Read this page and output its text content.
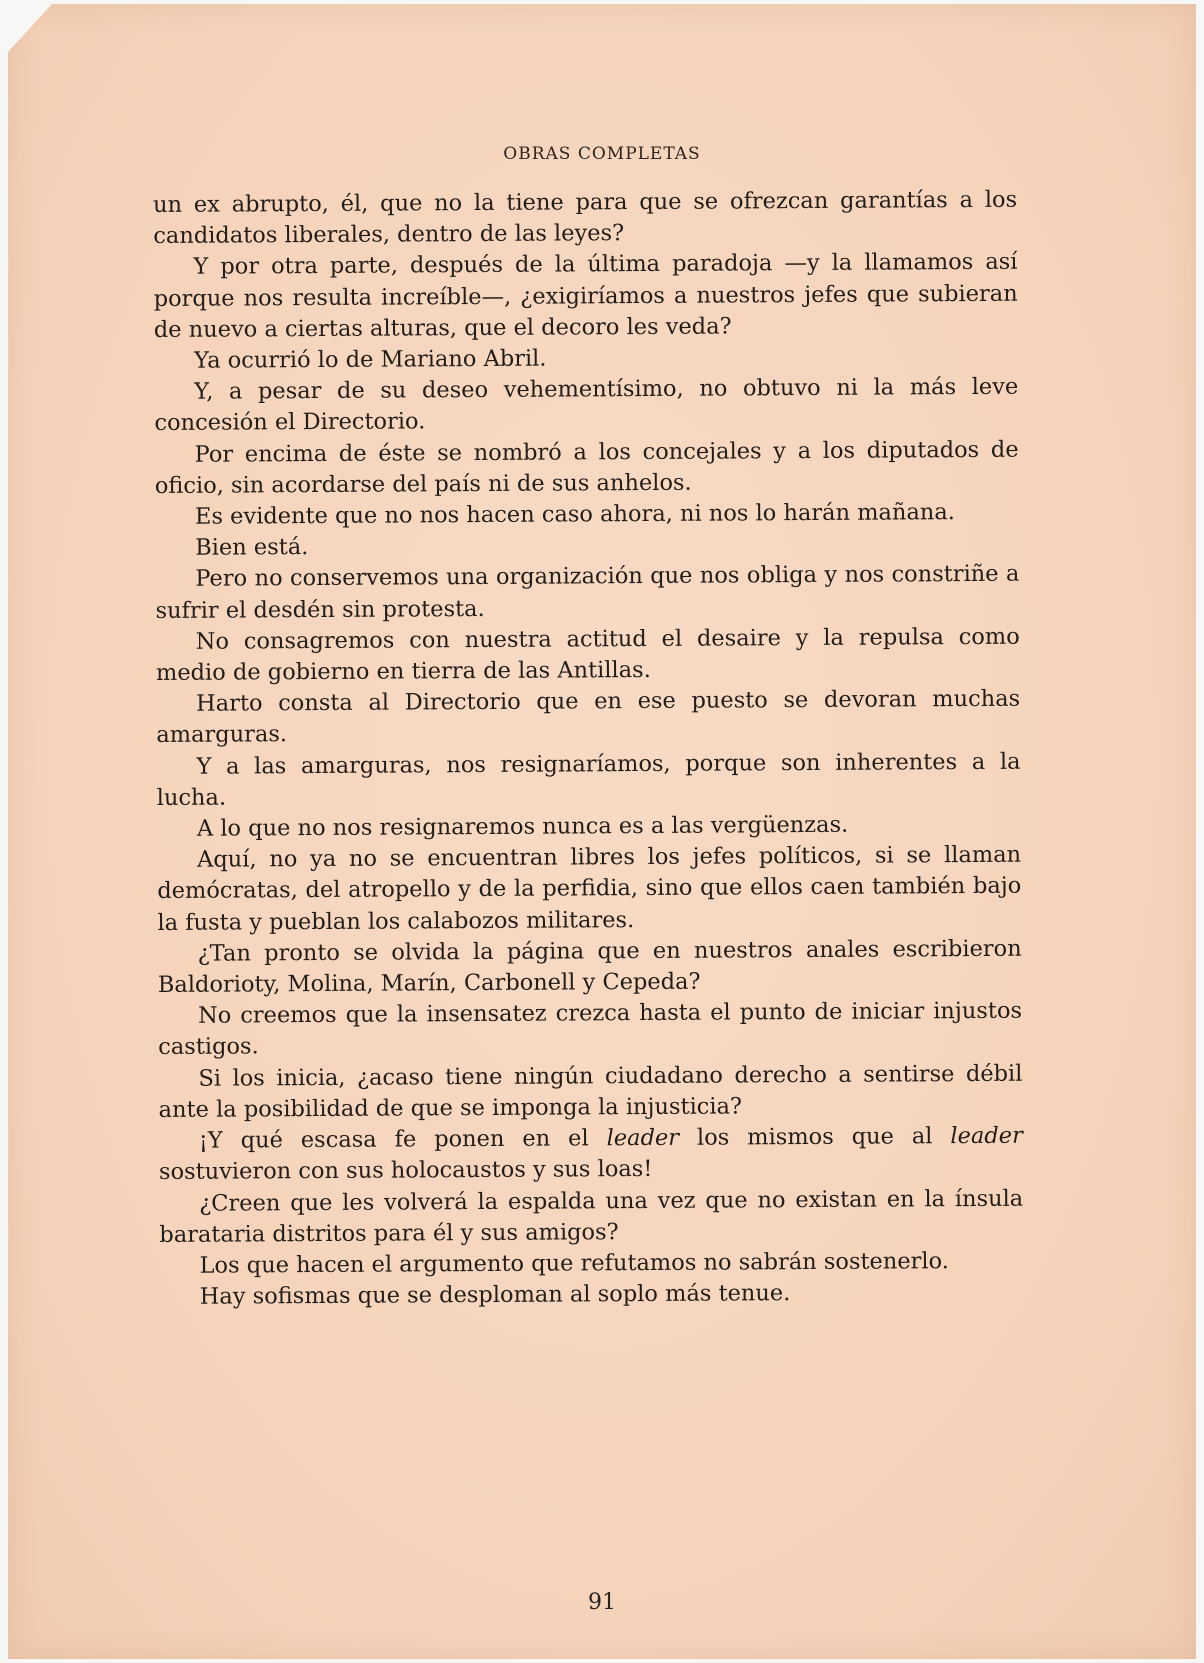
OBRAS COMPLETAS

un ex abrupto, él, que no la tiene para que se ofrezcan garantías a los candidatos liberales, dentro de las leyes?

Y por otra parte, después de la última paradoja —y la llamamos así porque nos resulta increíble—, ¿exigiríamos a nuestros jefes que subieran de nuevo a ciertas alturas, que el decoro les veda?

Ya ocurrió lo de Mariano Abril.

Y, a pesar de su deseo vehementísimo, no obtuvo ni la más leve concesión el Directorio.

Por encima de éste se nombró a los concejales y a los diputados de oficio, sin acordarse del país ni de sus anhelos.

Es evidente que no nos hacen caso ahora, ni nos lo harán mañana.

Bien está.

Pero no conservemos una organización que nos obliga y nos constriñe a sufrir el desdén sin protesta.

No consagremos con nuestra actitud el desaire y la repulsa como medio de gobierno en tierra de las Antillas.

Harto consta al Directorio que en ese puesto se devoran muchas amarguras.

Y a las amarguras, nos resignaríamos, porque son inherentes a la lucha.

A lo que no nos resignaremos nunca es a las vergüenzas.

Aquí, no ya no se encuentran libres los jefes políticos, si se llaman demócratas, del atropello y de la perfidia, sino que ellos caen también bajo la fusta y pueblan los calabozos militares.

¿Tan pronto se olvida la página que en nuestros anales escribieron Baldorioty, Molina, Marín, Carbonell y Cepeda?

No creemos que la insensatez crezca hasta el punto de iniciar injustos castigos.

Si los inicia, ¿acaso tiene ningún ciudadano derecho a sentirse débil ante la posibilidad de que se imponga la injusticia?

¡Y qué escasa fe ponen en el leader los mismos que al leader sostuvieron con sus holocaustos y sus loas!

¿Creen que les volverá la espalda una vez que no existan en la ínsula barataria distritos para él y sus amigos?

Los que hacen el argumento que refutamos no sabrán sostenerlo.

Hay sofismas que se desploman al soplo más tenue.

91
